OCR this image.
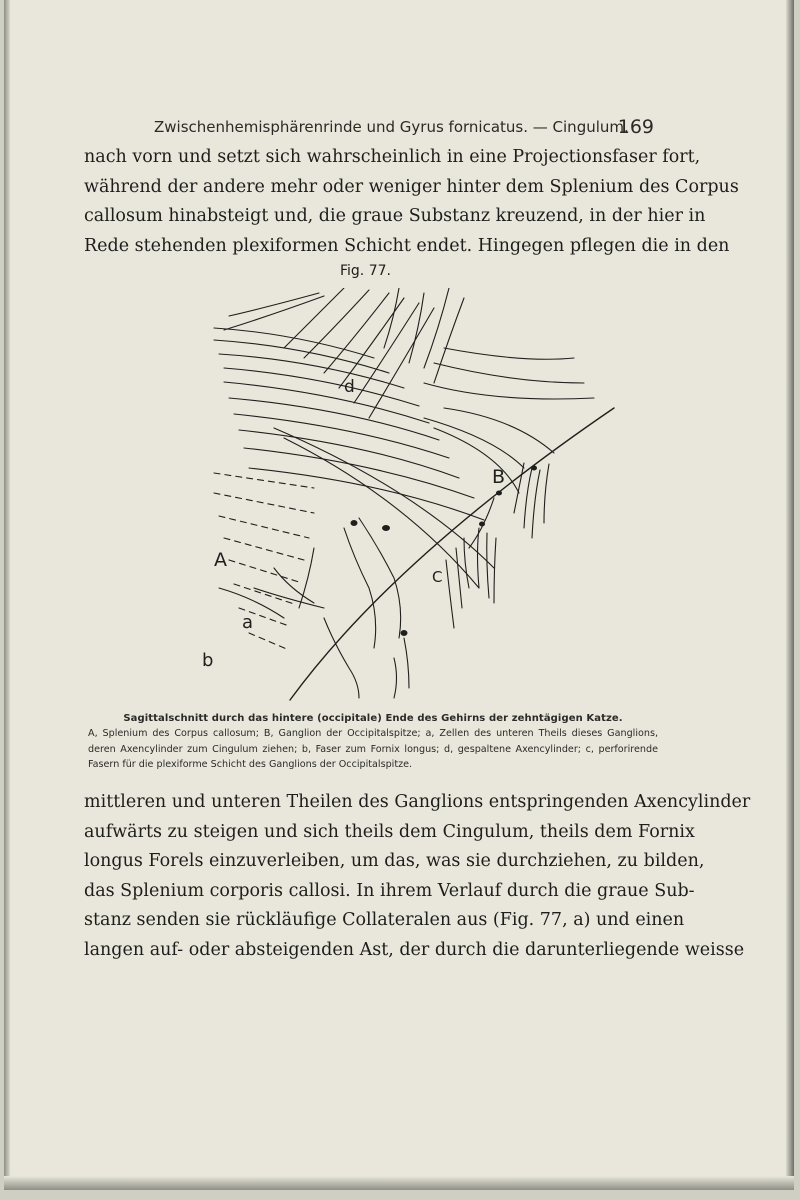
Zwischenhemisphärenrinde und Gyrus fornicatus. — Cingulum.
169
nach vorn und setzt sich wahrscheinlich in eine Projectionsfaser fort,
während der andere mehr oder weniger hinter dem Splenium des Corpus
callosum hinabsteigt und, die graue Substanz kreuzend, in der hier in
Rede stehenden plexiformen Schicht endet. Hingegen pflegen die in den
Fig. 77.
A
B
C
a
b
d
Sagittalschnitt durch das hintere (occipitale) Ende des Gehirns der zehntägigen Katze.
A, Splenium des Corpus callosum; B, Ganglion der Occipitalspitze; a, Zellen des unteren Theils dieses Ganglions, deren Axencylinder zum Cingulum ziehen; b, Faser zum Fornix longus; d, gespaltene Axencylinder; c, perforirende Fasern für die plexiforme Schicht des Ganglions der Occipitalspitze.
mittleren und unteren Theilen des Ganglions entspringenden Axencylinder
aufwärts zu steigen und sich theils dem Cingulum, theils dem Fornix
longus Forels einzuverleiben, um das, was sie durchziehen, zu bilden,
das Splenium corporis callosi. In ihrem Verlauf durch die graue Sub-
stanz senden sie rückläufige Collateralen aus (Fig. 77, a) und einen
langen auf- oder absteigenden Ast, der durch die darunterliegende weisse
